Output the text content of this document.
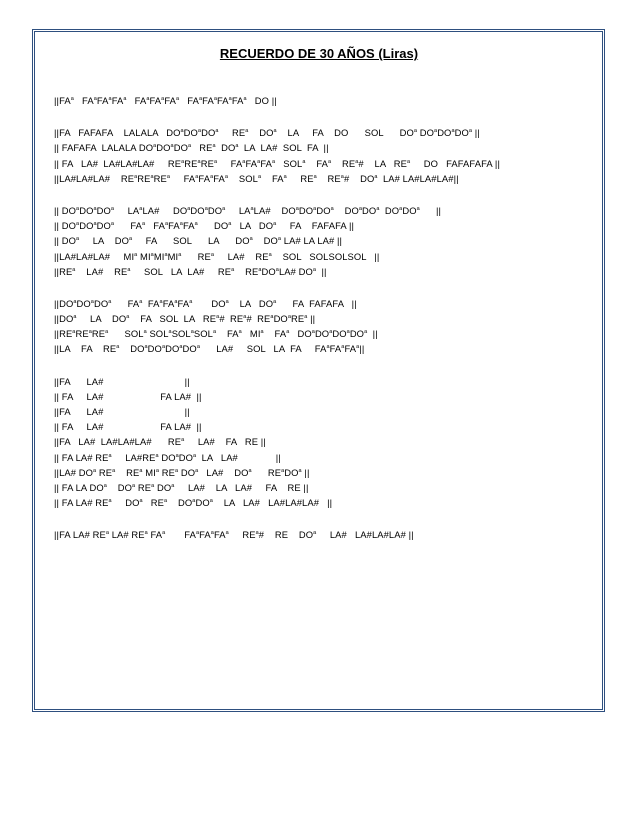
RECUERDO DE 30 AÑOS (Liras)
$||FA^a$   $FA^aFA^aFA^a$   $FA^aFA^aFA^a$   $FA^aFA^aFA^aFA^a$   DO ||
||FA   FAFAFA    LALALA   $DO^aDO^aDO^a$     $RE^a$    $DO^a$    LA     FA    DO      SOL      $DO^a$ $DO^aDO^aDO^a$ ||
|| FAFAFA  LALALA $DO^aDO^aDO^a$   $RE^a$  $DO^a$  LA  LA#  SOL  FA  ||
|| FA   LA#  LA#LA#LA#     $RE^aRE^aRE^a$     $FA^aFA^aFA^a$   SOL$^a$    $FA^a$    $RE^a\#$    LA   $RE^a$     DO   FAFAFAFA ||
||LA#LA#LA#    $RE^aRE^aRE^a$     $FA^aFA^aFA^a$    SOL$^a$    $FA^a$     $RE^a$    $RE^a\#$    $DO^a$  LA# LA#LA#LA#||
|| $DO^aDO^aDO^a$     $LA^aLA\#$     $DO^aDO^aDO^a$     $LA^aLA\#$    $DO^aDO^aDO^a$    $DO^aDO^a$  $DO^aDO^a$      ||
|| $DO^aDO^aDO^a$      $FA^a$   $FA^aFA^aFA^a$      $DO^a$   LA   $DO^a$     FA    FAFAFA ||
|| $DO^a$     LA    $DO^a$     FA      SOL      LA      $DO^a$    $DO^a$ LA# LA LA# ||
||LA#LA#LA#     $MI^a$ $MI^aMI^aMI^a$      $RE^a$     LA#    $RE^a$    SOL   SOLSOLSOL   ||
$||RE^a$    LA#    $RE^a$     SOL   LA  LA#     $RE^a$    $RE^aDO^aLA\#$ $DO^a$  ||
$||DO^aDO^aDO^a$      $FA^a$  $FA^aFA^aFA^a$       $DO^a$    LA   $DO^a$      FA  FAFAFA   ||
$||DO^a$     LA    $DO^a$    FA   SOL  LA   $RE^a\#$  $RE^a\#$  $RE^aDO^aRE^a$ ||
$||RE^aRE^aRE^a$      SOL$^a$ SOL$^a$SOL$^a$SOL$^a$    $FA^a$   $MI^a$    $FA^a$   $DO^aDO^aDO^aDO^a$  ||
||LA    FA    $RE^a$    $DO^aDO^aDO^aDO^a$      LA#     SOL   LA  FA     $FA^aFA^aFA^a||$
||FA      LA#                              ||
|| FA     LA#                     FA LA#  ||
||FA      LA#                              ||
|| FA     LA#                     FA LA#  ||
||FA   LA#  LA#LA#LA#      $RE^a$     LA#    FA   RE ||
|| FA LA# $RE^a$     $LA\#RE^a$ $DO^aDO^a$  LA   LA#              ||
||LA# $DO^a$ $RE^a$    $RE^a$ $MI^a$ $RE^a$ $DO^a$   LA#    $DO^a$      $RE^aDO^a$ ||
|| FA LA $DO^a$    $DO^a$ $RE^a$ $DO^a$     LA#    LA   LA#     FA    RE ||
|| FA LA# $RE^a$     $DO^a$   $RE^a$    $DO^aDO^a$    LA   LA#   LA#LA#LA#   ||
||FA LA# $RE^a$ LA# $RE^a$ $FA^a$       $FA^aFA^aFA^a$     $RE^a\#$    RE    $DO^a$     LA#   LA#LA#LA# ||
